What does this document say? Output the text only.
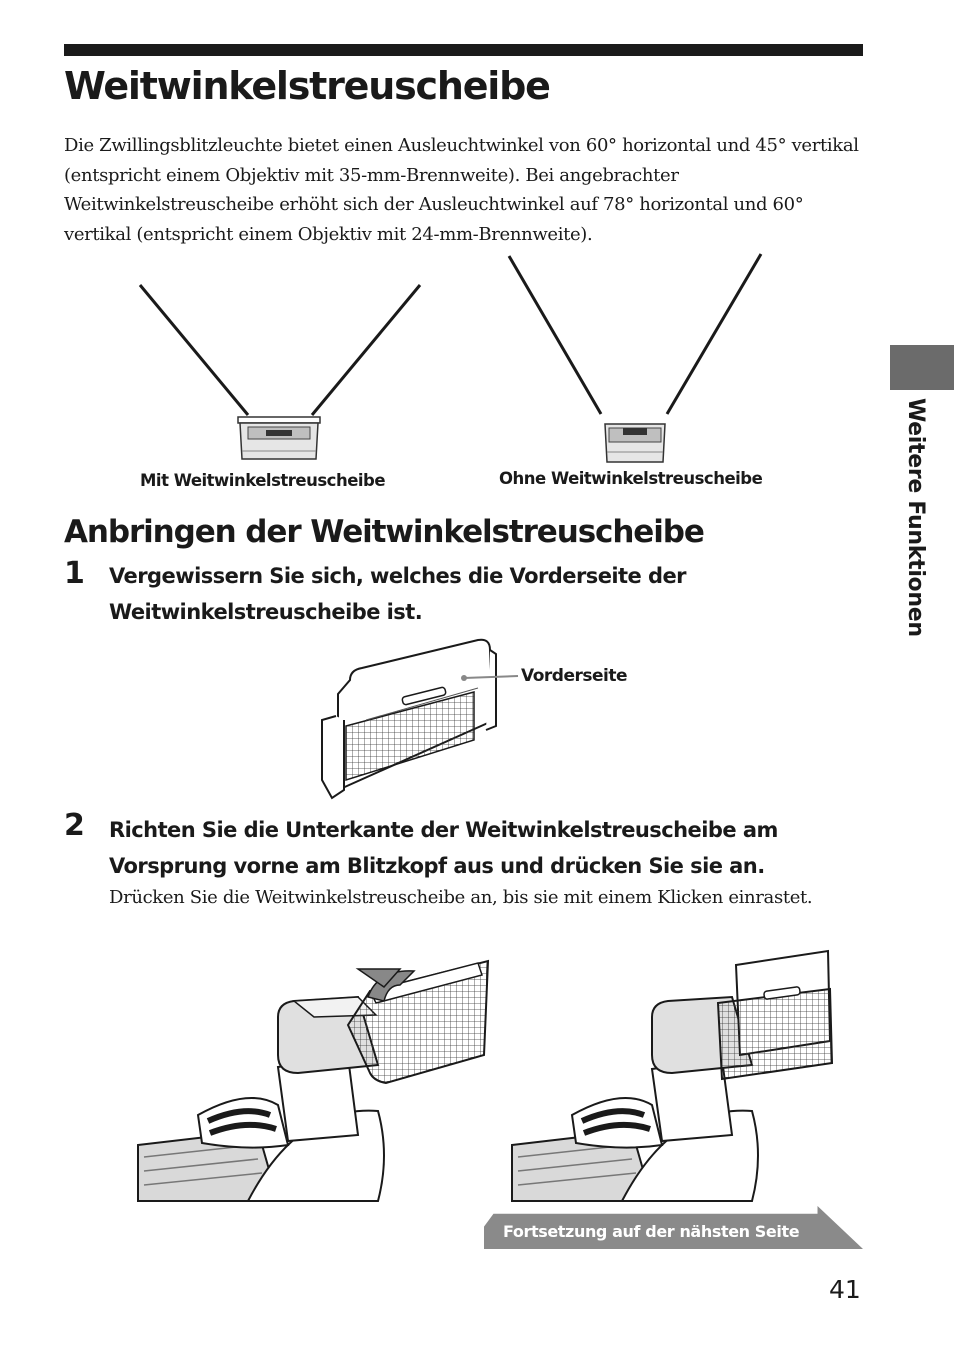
Weitwinkelstreuscheibe

Die Zwillingsblitzleuchte bietet einen Ausleuchtwinkel von 60° horizontal und 45° vertikal (entspricht einem Objektiv mit 35-mm-Brennweite). Bei angebrachter Weitwinkelstreuscheibe erhöht sich der Ausleuchtwinkel auf 78° horizontal und 60° vertikal (entspricht einem Objektiv mit 24-mm-Brennweite).

Mit Weitwinkelstreuscheibe	Ohne Weitwinkelstreuscheibe
Anbringen der Weitwinkelstreuscheibe
1 Vergewissern Sie sich, welches die Vorderseite der Weitwinkelstreuscheibe ist.

Vorderseite
2 Richten Sie die Unterkante der Weitwinkelstreuscheibe am Vorsprung vorne am Blitzkopf aus und drücken Sie sie an.

Drücken Sie die Weitwinkelstreuscheibe an, bis sie mit einem Klicken einrastet.

Weitere Funktionen
Fortsetzung auf der nähsten Seite
41
